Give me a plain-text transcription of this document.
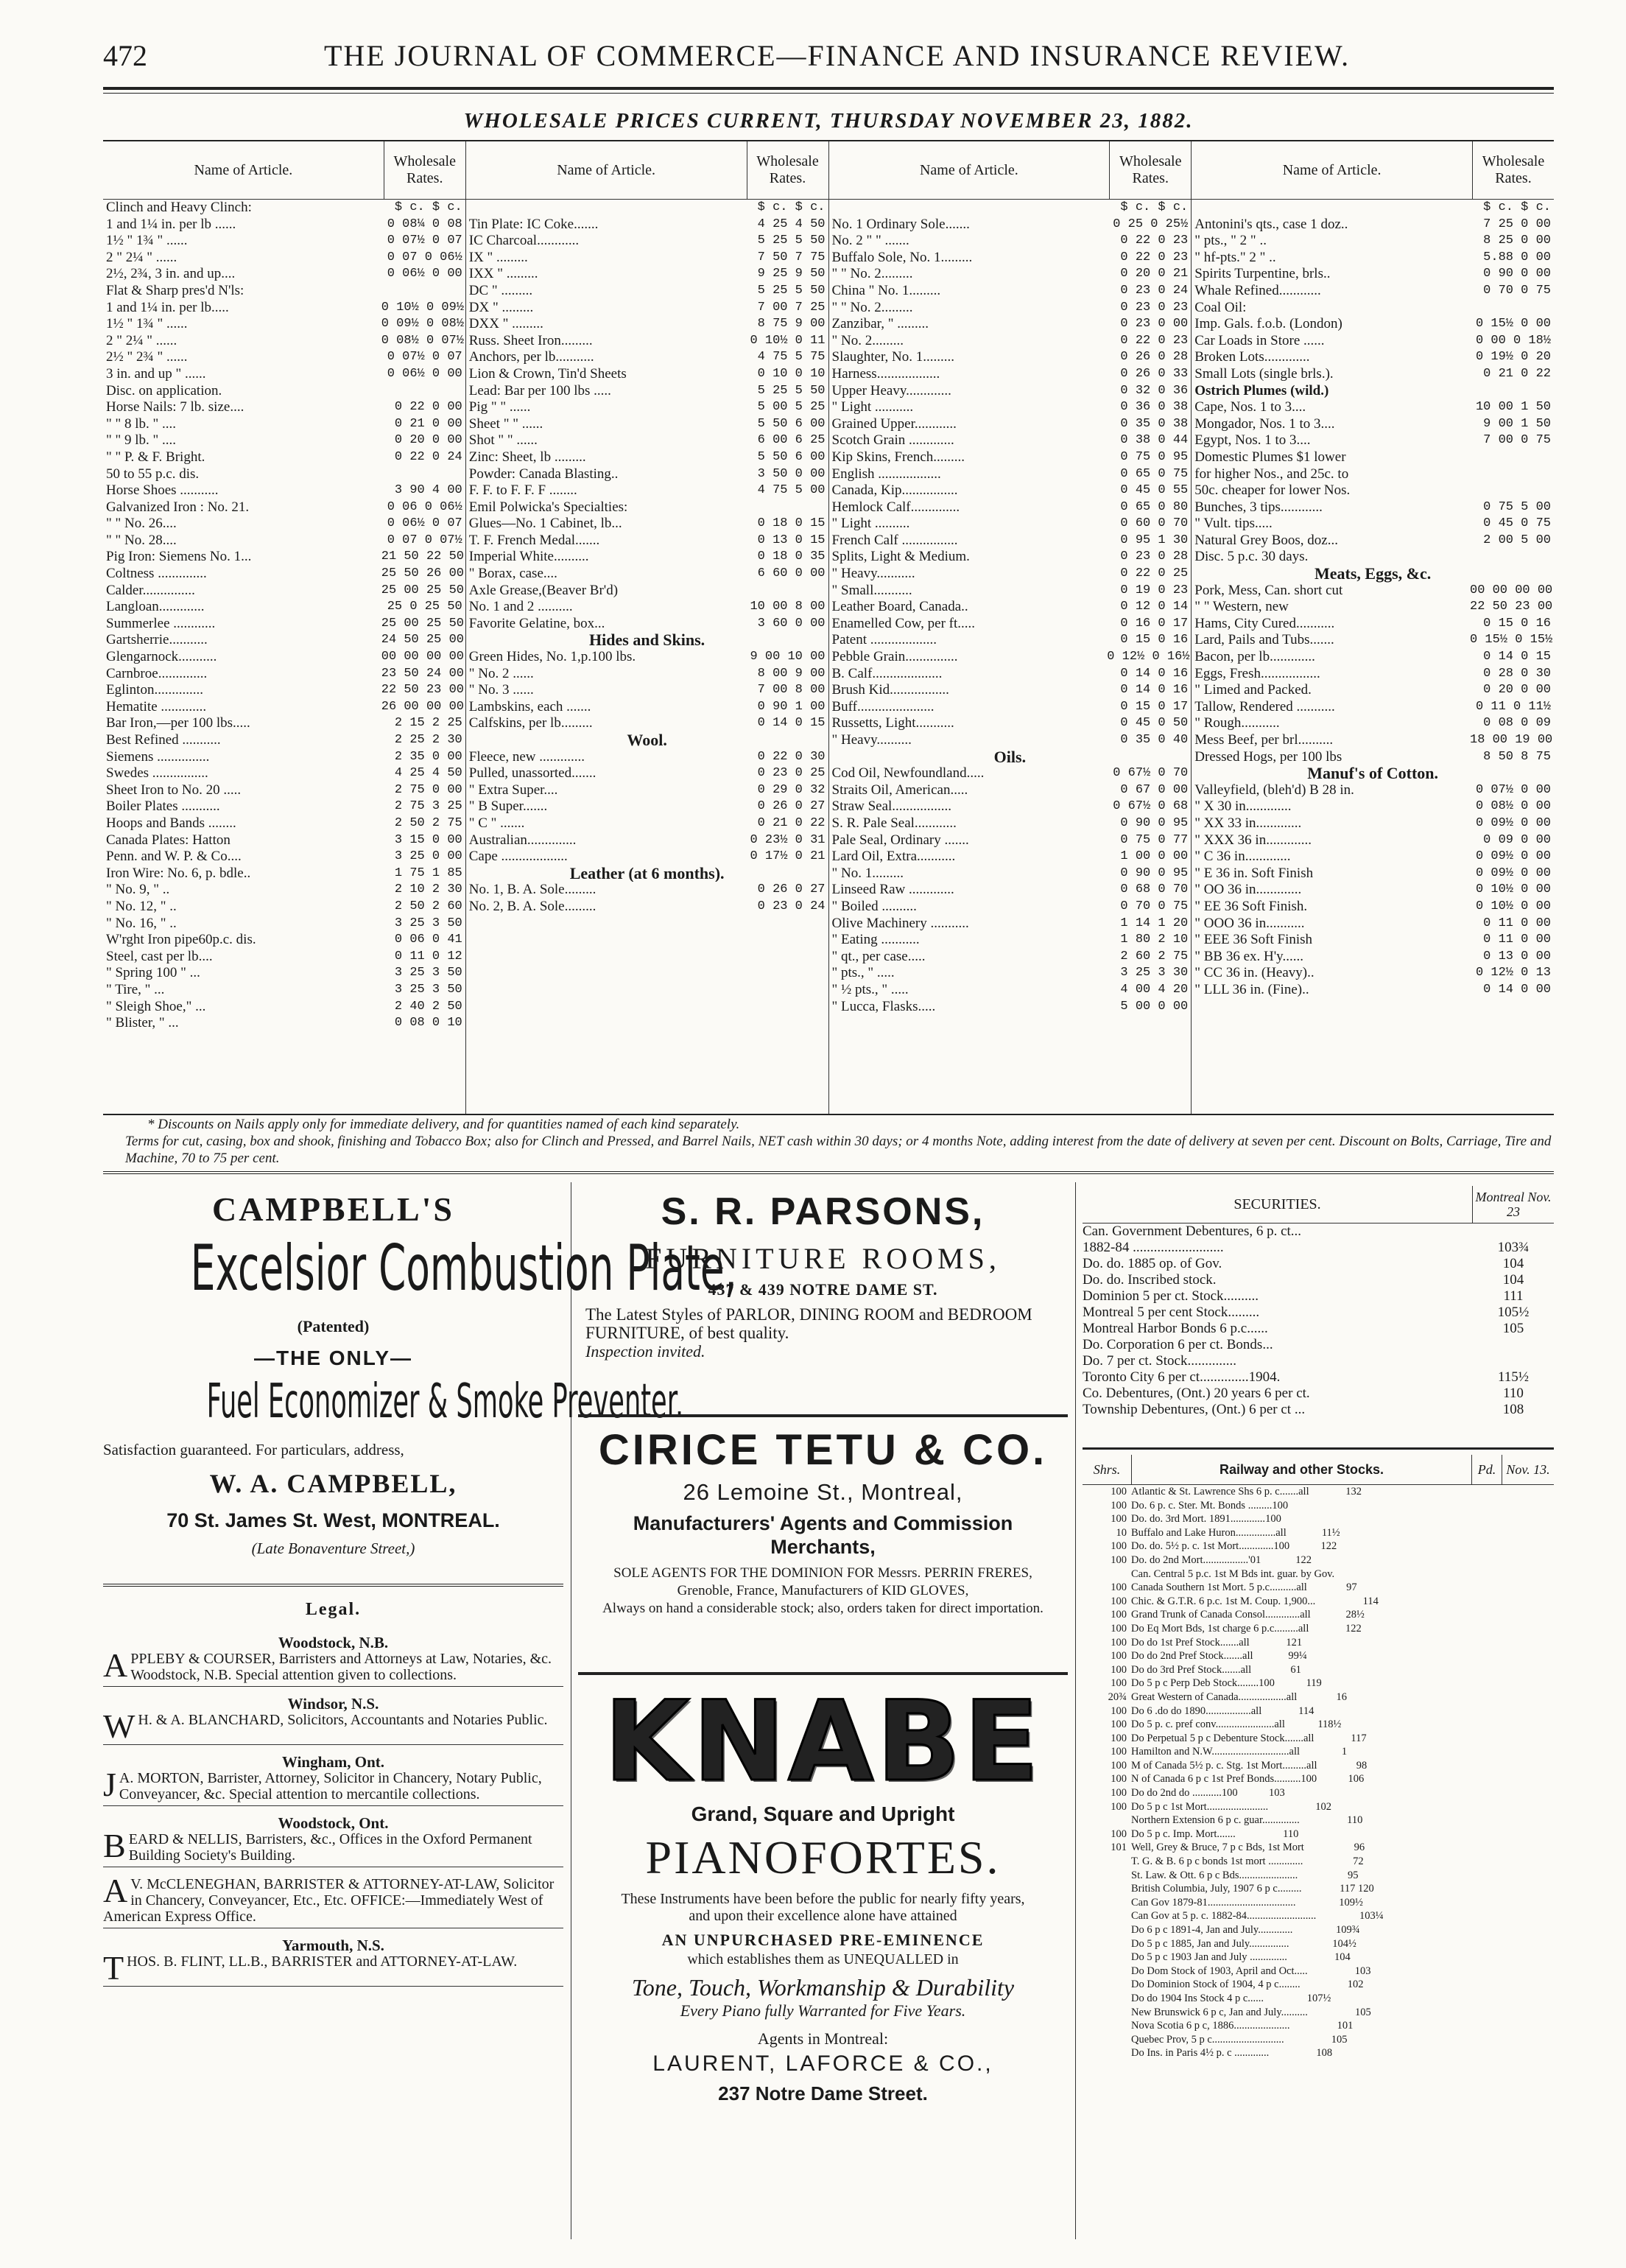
472	THE JOURNAL OF COMMERCE—FINANCE AND INSURANCE REVIEW.
WHOLESALE PRICES CURRENT, THURSDAY NOVEMBER 23, 1882.
Name of Article.
Wholesale Rates.
Clinch and Heavy Clinch:	$ c. $ c.
1 and 1¼ in. per lb ......	0 08¼ 0 08
1½ " 1¾ " ......	0 07½ 0 07
2 " 2¼ " ......	0 07 0 06½
2½, 2¾, 3 in. and up....	0 06½ 0 00
Flat & Sharp pres'd N'ls:
1 and 1¼ in. per lb.....	0 10½ 0 09½
1½ " 1¾ " ......	0 09½ 0 08½
2 " 2¼ " ......	0 08½ 0 07½
2½ " 2¾ " ......	0 07½ 0 07
3 in. and up " ......	0 06½ 0 00
Disc. on application.
Horse Nails: 7 lb. size....	0 22 0 00
" " 8 lb. " ....	0 21 0 00
" " 9 lb. " ....	0 20 0 00
" " P. & F. Bright.	0 22 0 24
50 to 55 p.c. dis.
Horse Shoes ...........	3 90 4 00
Galvanized Iron : No. 21.	0 06 0 06½
" " No. 26....	0 06½ 0 07
" " No. 28....	0 07 0 07½
Pig Iron: Siemens No. 1...	21 50 22 50
Coltness ..............	25 50 26 00
Calder...............	25 00 25 50
Langloan.............	25 0 25 50
Summerlee ............	25 00 25 50
Gartsherrie...........	24 50 25 00
Glengarnock...........	00 00 00 00
Carnbroe..............	23 50 24 00
Eglinton..............	22 50 23 00
Hematite .............	26 00 00 00
Bar Iron,—per 100 lbs.....	2 15 2 25
Best Refined ...........	2 25 2 30
Siemens ...............	2 35 0 00
Swedes ................	4 25 4 50
Sheet Iron to No. 20 .....	2 75 0 00
Boiler Plates ...........	2 75 3 25
Hoops and Bands ........	2 50 2 75
Canada Plates: Hatton	3 15 0 00
Penn. and W. P. & Co....	3 25 0 00
Iron Wire: No. 6, p. bdle..	1 75 1 85
" No. 9, " ..	2 10 2 30
" No. 12, " ..	2 50 2 60
" No. 16, " ..	3 25 3 50
W'rght Iron pipe60p.c. dis.	0 06 0 41
Steel, cast per lb....	0 11 0 12
" Spring 100 " ...	3 25 3 50
" Tire, " ...	3 25 3 50
" Sleigh Shoe," ...	2 40 2 50
" Blister, " ...	0 08 0 10
Name of Article.
Wholesale Rates.
$ c. $ c.
Tin Plate: IC Coke.......	4 25 4 50
IC Charcoal............	5 25 5 50
IX " .........	7 50 7 75
IXX " .........	9 25 9 50
DC " .........	5 25 5 50
DX " .........	7 00 7 25
DXX " .........	8 75 9 00
Russ. Sheet Iron.........	0 10½ 0 11
Anchors, per lb...........	4 75 5 75
Lion & Crown, Tin'd Sheets	0 10 0 10
Lead: Bar per 100 lbs .....	5 25 5 50
Pig " " ......	5 00 5 25
Sheet " " ......	5 50 6 00
Shot " " ......	6 00 6 25
Zinc: Sheet, lb .........	5 50 6 00
Powder: Canada Blasting..	3 50 0 00
F. F. to F. F. F ........	4 75 5 00
Emil Polwicka's Specialties:
Glues—No. 1 Cabinet, lb...	0 18 0 15
T. F. French Medal.......	0 13 0 15
Imperial White..........	0 18 0 35
" Borax, case....	6 60 0 00
Axle Grease,(Beaver Br'd)
No. 1 and 2 ..........	10 00 8 00
Favorite Gelatine, box...	3 60 0 00
Hides and Skins.
Green Hides, No. 1,p.100 lbs.	9 00 10 00
" No. 2 ......	8 00 9 00
" No. 3 ......	7 00 8 00
Lambskins, each .......	0 90 1 00
Calfskins, per lb.........	0 14 0 15
Wool.
Fleece, new .............	0 22 0 30
Pulled, unassorted.......	0 23 0 25
" Extra Super....	0 29 0 32
" B Super.......	0 26 0 27
" C " .......	0 21 0 22
Australian..............	0 23½ 0 31
Cape ...................	0 17½ 0 21
Leather (at 6 months).
No. 1, B. A. Sole.........	0 26 0 27
No. 2, B. A. Sole.........	0 23 0 24
Name of Article.
Wholesale Rates.
$ c. $ c.
No. 1 Ordinary Sole.......	0 25 0 25½
No. 2 " " .......	0 22 0 23
Buffalo Sole, No. 1.........	0 22 0 23
" " No. 2.........	0 20 0 21
China " No. 1.........	0 23 0 24
" " No. 2.........	0 23 0 23
Zanzibar, " .........	0 23 0 00
" No. 2.........	0 22 0 23
Slaughter, No. 1.........	0 26 0 28
Harness..................	0 26 0 33
Upper Heavy.............	0 32 0 36
" Light ...........	0 36 0 38
Grained Upper............	0 35 0 38
Scotch Grain .............	0 38 0 44
Kip Skins, French.........	0 75 0 95
English ..................	0 65 0 75
Canada, Kip................	0 45 0 55
Hemlock Calf..............	0 65 0 80
" Light ..........	0 60 0 70
French Calf ................	0 95 1 30
Splits, Light & Medium.	0 23 0 28
" Heavy...........	0 22 0 25
" Small...........	0 19 0 23
Leather Board, Canada..	0 12 0 14
Enamelled Cow, per ft.....	0 16 0 17
Patent ...................	0 15 0 16
Pebble Grain...............	0 12½ 0 16½
B. Calf....................	0 14 0 16
Brush Kid.................	0 14 0 16
Buff......................	0 15 0 17
Russetts, Light...........	0 45 0 50
" Heavy..........	0 35 0 40
Oils.
Cod Oil, Newfoundland.....	0 67½ 0 70
Straits Oil, American.....	0 67 0 00
Straw Seal.................	0 67½ 0 68
S. R. Pale Seal............	0 90 0 95
Pale Seal, Ordinary .......	0 75 0 77
Lard Oil, Extra...........	1 00 0 00
" No. 1.........	0 90 0 95
Linseed Raw .............	0 68 0 70
" Boiled ..........	0 70 0 75
Olive Machinery ...........	1 14 1 20
" Eating ...........	1 80 2 10
" qt., per case.....	2 60 2 75
" pts., " .....	3 25 3 30
" ½ pts., " .....	4 00 4 20
" Lucca, Flasks.....	5 00 0 00
Name of Article.
Wholesale Rates.
$ c. $ c.
Antonini's qts., case 1 doz..	7 25 0 00
" pts., " 2 " ..	8 25 0 00
" hf-pts." 2 " ..	5.88 0 00
Spirits Turpentine, brls..	0 90 0 00
Whale Refined............	0 70 0 75
Coal Oil:
Imp. Gals. f.o.b. (London)	0 15½ 0 00
Car Loads in Store ......	0 00 0 18½
Broken Lots.............	0 19½ 0 20
Small Lots (single brls.).	0 21 0 22
Ostrich Plumes (wild.)
Cape, Nos. 1 to 3....	10 00 1 50
Mongador, Nos. 1 to 3....	9 00 1 50
Egypt, Nos. 1 to 3....	7 00 0 75
Domestic Plumes $1 lower
for higher Nos., and 25c. to
50c. cheaper for lower Nos.
Bunches, 3 tips............	0 75 5 00
" Vult. tips.....	0 45 0 75
Natural Grey Boos, doz...	2 00 5 00
Disc. 5 p.c. 30 days.
Meats, Eggs, &c.
Pork, Mess, Can. short cut	00 00 00 00
" " Western, new	22 50 23 00
Hams, City Cured...........	0 15 0 16
Lard, Pails and Tubs.......	0 15½ 0 15½
Bacon, per lb.............	0 14 0 15
Eggs, Fresh.................	0 28 0 30
" Limed and Packed.	0 20 0 00
Tallow, Rendered ...........	0 11 0 11½
" Rough...........	0 08 0 09
Mess Beef, per brl..........	18 00 19 00
Dressed Hogs, per 100 lbs	8 50 8 75
Manuf's of Cotton.
Valleyfield, (bleh'd) B 28 in.	0 07½ 0 00
" X 30 in.............	0 08½ 0 00
" XX 33 in.............	0 09½ 0 00
" XXX 36 in.............	0 09 0 00
" C 36 in.............	0 09½ 0 00
" E 36 in. Soft Finish	0 09½ 0 00
" OO 36 in.............	0 10½ 0 00
" EE 36 Soft Finish.	0 10½ 0 00
" OOO 36 in...........	0 11 0 00
" EEE 36 Soft Finish	0 11 0 00
" BB 36 ex. H'y......	0 13 0 00
" CC 36 in. (Heavy)..	0 12½ 0 13
" LLL 36 in. (Fine)..	0 14 0 00
* Discounts on Nails apply only for immediate delivery, and for quantities named of each kind separately.
Terms for cut, casing, box and shook, finishing and Tobacco Box; also for Clinch and Pressed, and Barrel Nails, NET cash within 30 days; or 4 months Note, adding interest from the date of delivery at seven per cent. Discount on Bolts, Carriage, Tire and Machine, 70 to 75 per cent.
CAMPBELL'S
Excelsior Combustion Plate,
(Patented)
—THE ONLY—
Fuel Economizer & Smoke Preventer.
Satisfaction guaranteed. For particulars, address,
W. A. CAMPBELL,
70 St. James St. West, MONTREAL.
(Late Bonaventure Street,)
Legal.
Woodstock, N.B.
APPLEBY & COURSER, Barristers and Attorneys at Law, Notaries, &c. Woodstock, N.B. Special attention given to collections.
Windsor, N.S.
W H. & A. BLANCHARD, Solicitors, Accountants and Notaries Public.
Wingham, Ont.
J A. MORTON, Barrister, Attorney, Solicitor in Chancery, Notary Public, Conveyancer, &c. Special attention to mercantile collections.
Woodstock, Ont.
BEARD & NELLIS, Barristers, &c., Offices in the Oxford Permanent Building Society's Building.
A V. McCLENEGHAN, BARRISTER & ATTORNEY-AT-LAW, Solicitor in Chancery, Conveyancer, Etc., Etc. OFFICE:—Immediately West of American Express Office.
Yarmouth, N.S.
THOS. B. FLINT, LL.B., BARRISTER and ATTORNEY-AT-LAW.
S. R. PARSONS,
FURNITURE ROOMS,
437 & 439 NOTRE DAME ST.
The Latest Styles of PARLOR, DINING ROOM and BEDROOM FURNITURE, of best quality.
Inspection invited.
CIRICE TETU & CO.
26 Lemoine St., Montreal,
Manufacturers' Agents and Commission Merchants,
SOLE AGENTS FOR THE DOMINION FOR Messrs. PERRIN FRERES, Grenoble, France, Manufacturers of KID GLOVES,
Always on hand a considerable stock; also, orders taken for direct importation.
KNABE
Grand, Square and Upright
PIANOFORTES.
These Instruments have been before the public for nearly fifty years, and upon their excellence alone have attained
AN UNPURCHASED PRE-EMINENCE
which establishes them as UNEQUALLED in
Tone, Touch, Workmanship & Durability
Every Piano fully Warranted for Five Years.
Agents in Montreal:
LAURENT, LAFORCE & CO.,
237 Notre Dame Street.
SECURITIES.	Montreal Nov. 23
Can. Government Debentures, 6 p. ct...
1882-84 ..........................	103¾
Do. do. 1885 op. of Gov.	104
Do. do. Inscribed stock.	104
Dominion 5 per ct. Stock..........	111
Montreal 5 per cent Stock.........	105½
Montreal Harbor Bonds 6 p.c......	105
Do. Corporation 6 per ct. Bonds...
Do. 7 per ct. Stock..............
Toronto City 6 per ct..............1904.	115½
Co. Debentures, (Ont.) 20 years 6 per ct.	110
Township Debentures, (Ont.) 6 per ct ...	108
Shrs.	Railway and other Stocks.	Pd. Nov. 13.
100 Atlantic & St. Lawrence Shs 6 p. c....... all	132
100 Do. 6 p. c. Ster. Mt. Bonds ......... 100
100 Do. do. 3rd Mort. 1891............. 100
10 Buffalo and Lake Huron............... all	11½
100 Do. do. 5½ p. c. 1st Mort............. 100	122
100 Do. do 2nd Mort................. '01	122
Can. Central 5 p.c. 1st M Bds int. guar. by Gov.
100 Canada Southern 1st Mort. 5 p.c.......... all	97
100 Chic. & G.T.R. 6 p.c. 1st M. Coup. 1,900...	114
100 Grand Trunk of Canada Consol............. all	28½
100 Do Eq Mort Bds, 1st charge 6 p.c......... all	122
100 Do do 1st Pref Stock....... all	121
100 Do do 2nd Pref Stock....... all	99¼
100 Do do 3rd Pref Stock....... all	61
100 Do 5 p c Perp Deb Stock........ 100	119
20¾ Great Western of Canada.................. all	16
100 Do 6 .do do 1890................. all	114
100 Do 5 p. c. pref conv...................... all	118½
100 Do Perpetual 5 p c Debenture Stock....... all	117
100 Hamilton and N.W............................. all	1
100 M of Canada 5½ p. c. Stg. 1st Mort......... all	98
100 N of Canada 6 p c 1st Pref Bonds.......... 100	106
100 Do do 2nd do ........... 100	103
100 Do 5 p c 1st Mort.......................	102
Northern Extension 6 p c. guar..............	110
100 Do 5 p c. Imp. Mort.......	110
101 Well, Grey & Bruce, 7 p c Bds, 1st Mort	96
T. G. & B. 6 p c bonds 1st mort .............	72
St. Law. & Ott. 6 p c Bds......................	95
British Columbia, July, 1907 6 p c.........	117 120
Can Gov 1879-81.................................	109½
Can Gov at 5 p. c. 1882-84..........................	103¼
Do 6 p c 1891-4, Jan and July.............	109¾
Do 5 p c 1885, Jan and July...............	104½
Do 5 p c 1903 Jan and July ..............	104
Do Dom Stock of 1903, April and Oct.....	103
Do Dominion Stock of 1904, 4 p c........	102
Do do 1904 Ins Stock 4 p c......	107½
New Brunswick 6 p c, Jan and July..........	105
Nova Scotia 6 p c, 1886.....................	101
Quebec Prov, 5 p c...........................	105
Do Ins. in Paris 4½ p. c .............	108
